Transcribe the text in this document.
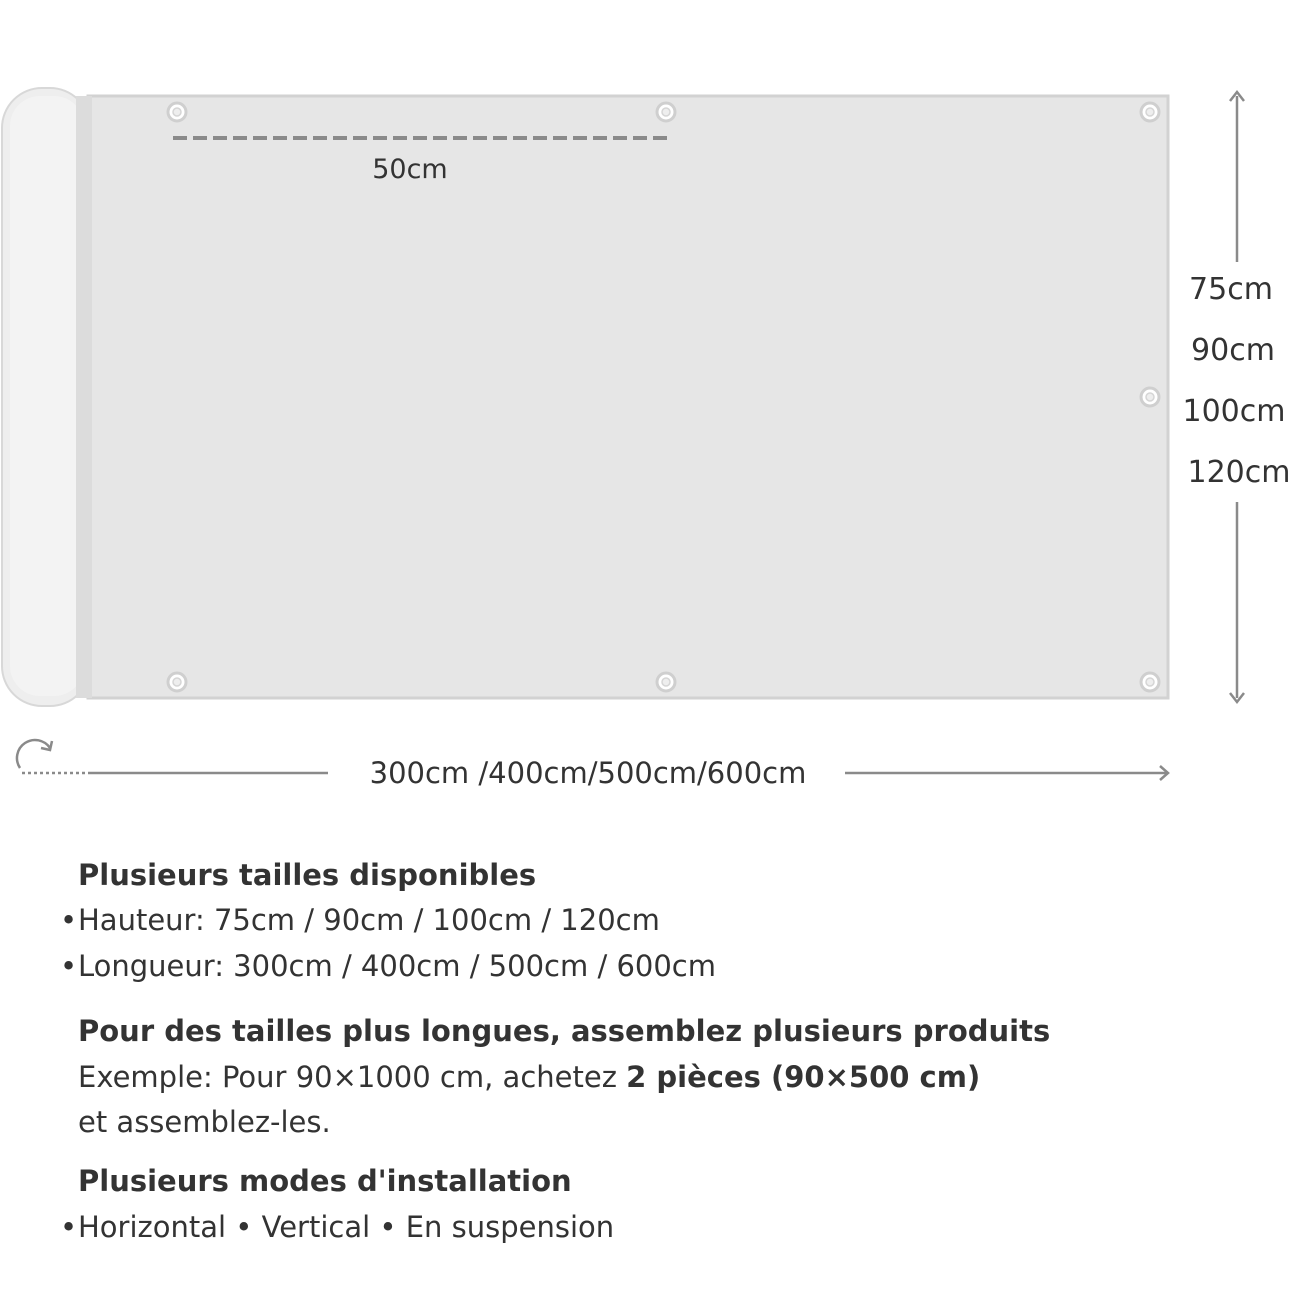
50cm
75cm
90cm
100cm
120cm
300cm /400cm/500cm/600cm
Plusieurs tailles disponibles
•Hauteur: 75cm / 90cm / 100cm / 120cm
•Longueur: 300cm / 400cm / 500cm / 600cm
Pour des tailles plus longues, assemblez plusieurs produits
Exemple: Pour 90×1000 cm, achetez 2 pièces (90×500 cm)
et assemblez-les.
Plusieurs modes d'installation
•Horizontal • Vertical • En suspension
